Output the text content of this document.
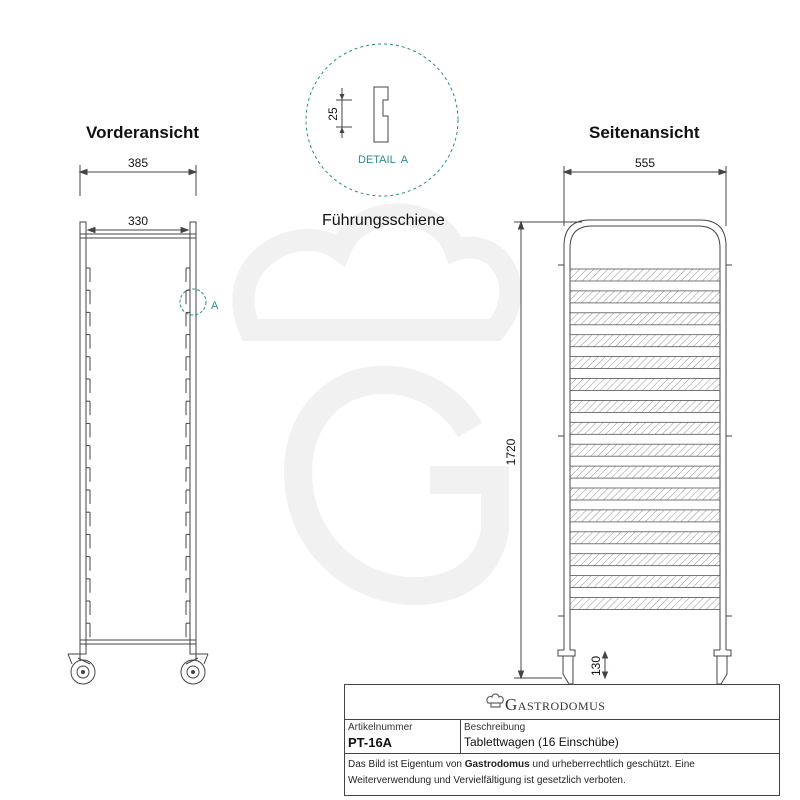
385
330
A
25
DETAIL  A	555
1720
130
Vorderansicht	Seitenansicht
Führungsschiene
Gastrodomus
Artikelnummer
PT-16A
Beschreibung
Tablettwagen (16 Einschübe)
Das Bild ist Eigentum von Gastrodomus und urheberrechtlich geschützt. Eine Weiterverwendung und Vervielfältigung ist gesetzlich verboten.
